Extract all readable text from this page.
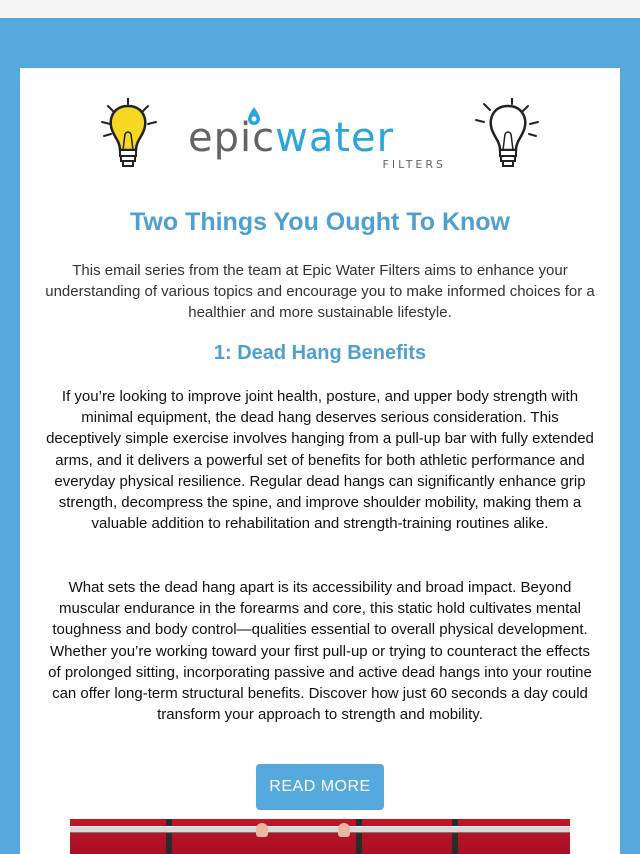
epicwater
FILTERS
Two Things You Ought To Know

This email series from the team at Epic Water Filters aims to enhance your understanding of various topics and encourage you to make informed choices for a healthier and more sustainable lifestyle.

1: Dead Hang Benefits

If you’re looking to improve joint health, posture, and upper body strength with minimal equipment, the dead hang deserves serious consideration. This deceptively simple exercise involves hanging from a pull-up bar with fully extended arms, and it delivers a powerful set of benefits for both athletic performance and everyday physical resilience. Regular dead hangs can significantly enhance grip strength, decompress the spine, and improve shoulder mobility, making them a valuable addition to rehabilitation and strength-training routines alike.

What sets the dead hang apart is its accessibility and broad impact. Beyond muscular endurance in the forearms and core, this static hold cultivates mental toughness and body control—qualities essential to overall physical development. Whether you’re working toward your first pull-up or trying to counteract the effects of prolonged sitting, incorporating passive and active dead hangs into your routine can offer long-term structural benefits. Discover how just 60 seconds a day could transform your approach to strength and mobility.

READ MORE
